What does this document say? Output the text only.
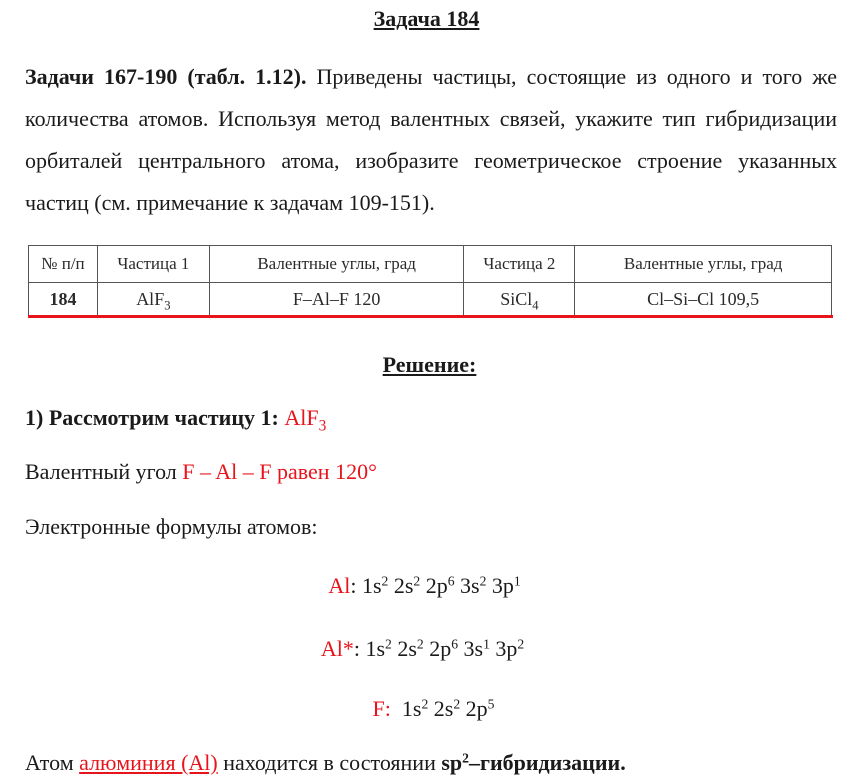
Задача 184
Задачи 167-190 (табл. 1.12). Приведены частицы, состоящие из одного и того же количества атомов. Используя метод валентных связей, укажите тип гибридизации орбиталей центрального атома, изобразите геометрическое строение указанных частиц (см. примечание к задачам 109-151).
№ п/п	Частица 1	Валентные углы, град	Частица 2	Валентные углы, град
184	AlF$_3$	F–Al–F 120	SiCl$_4$	Cl–Si–Cl 109,5
Решение:
1) Рассмотрим частицу 1: AlF$_3$
Валентный угол F – Al – F равен 120°
Электронные формулы атомов:
Al: $1s^2$ $2s^2$ $2p^6$ $3s^2$ $3p^1$
Al*: $1s^2$ $2s^2$ $2p^6$ $3s^1$ $3p^2$
F: $1s^2$ $2s^2$ $2p^5$
Атом алюминия (Al) находится в состоянии $sp^2$–гибридизации.
